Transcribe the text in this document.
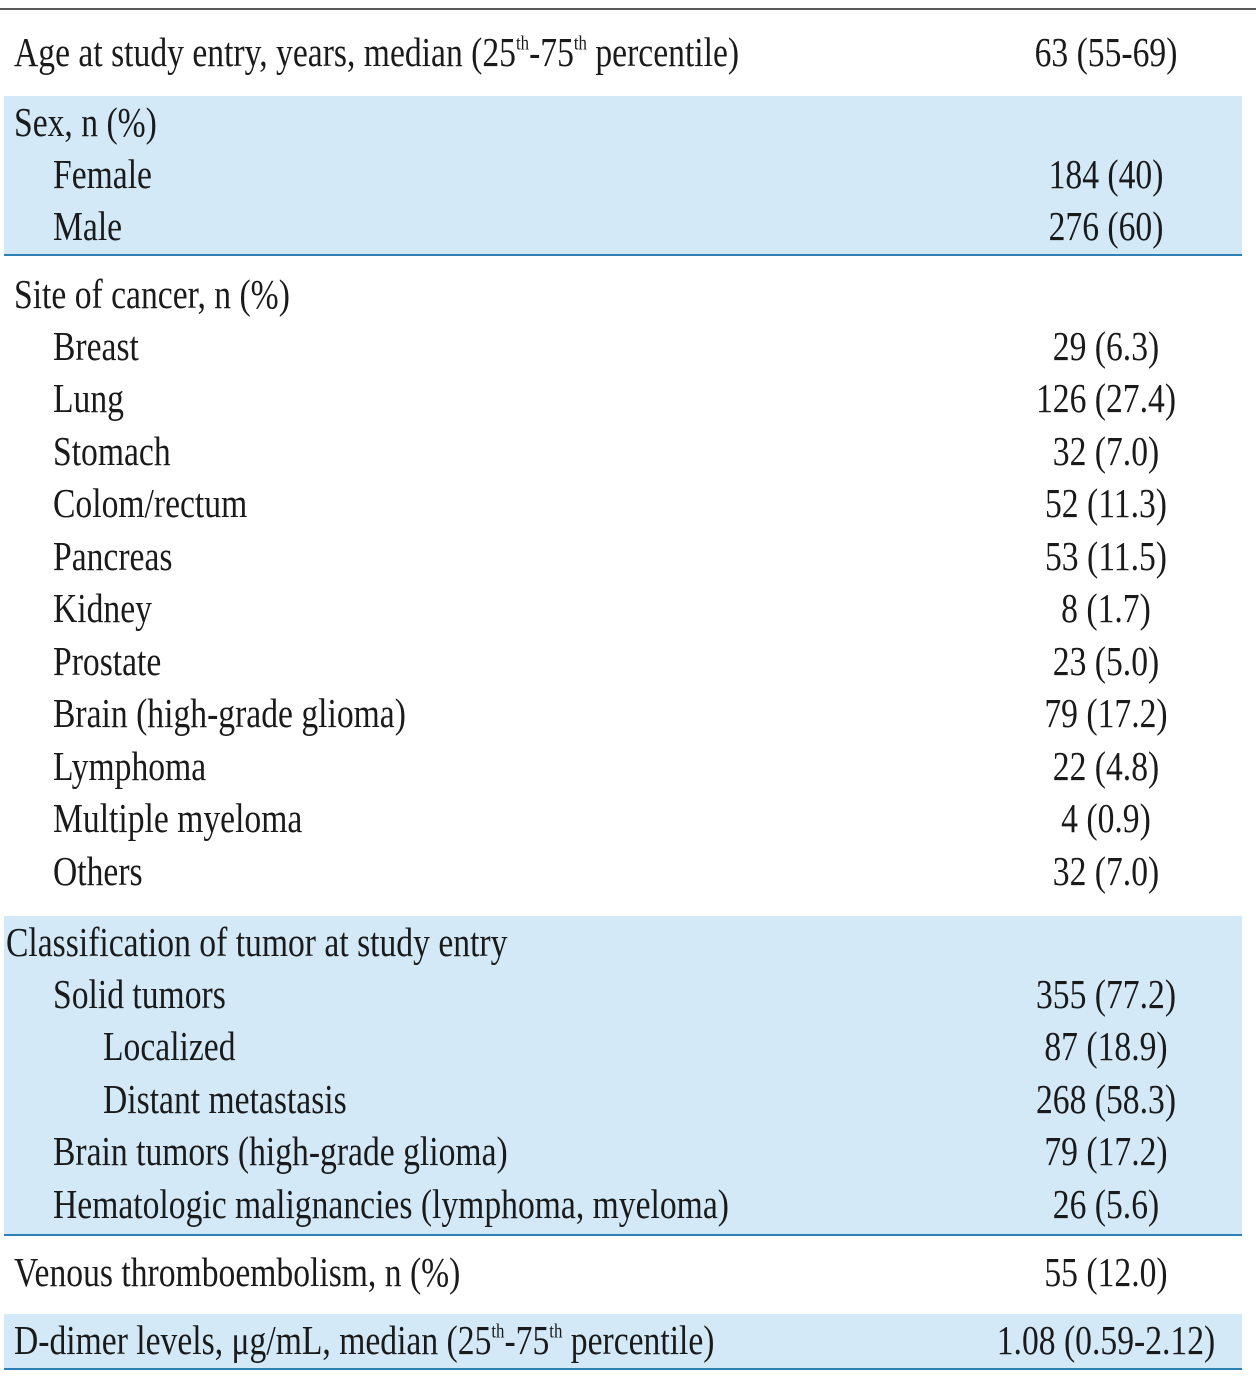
Age at study entry, years, median (25th-75th percentile)	63 (55-69)
Sex, n (%)
Female	184 (40)
Male	276 (60)
Site of cancer, n (%)
Breast	29 (6.3)
Lung	126 (27.4)
Stomach	32 (7.0)
Colom/rectum	52 (11.3)
Pancreas	53 (11.5)
Kidney	8 (1.7)
Prostate	23 (5.0)
Brain (high-grade glioma)	79 (17.2)
Lymphoma	22 (4.8)
Multiple myeloma	4 (0.9)
Others	32 (7.0)
Classification of tumor at study entry
Solid tumors	355 (77.2)
Localized	87 (18.9)
Distant metastasis	268 (58.3)
Brain tumors (high-grade glioma)	79 (17.2)
Hematologic malignancies (lymphoma, myeloma)	26 (5.6)
Venous thromboembolism, n (%)	55 (12.0)
D-dimer levels, μg/mL, median (25th-75th percentile)	1.08 (0.59-2.12)
